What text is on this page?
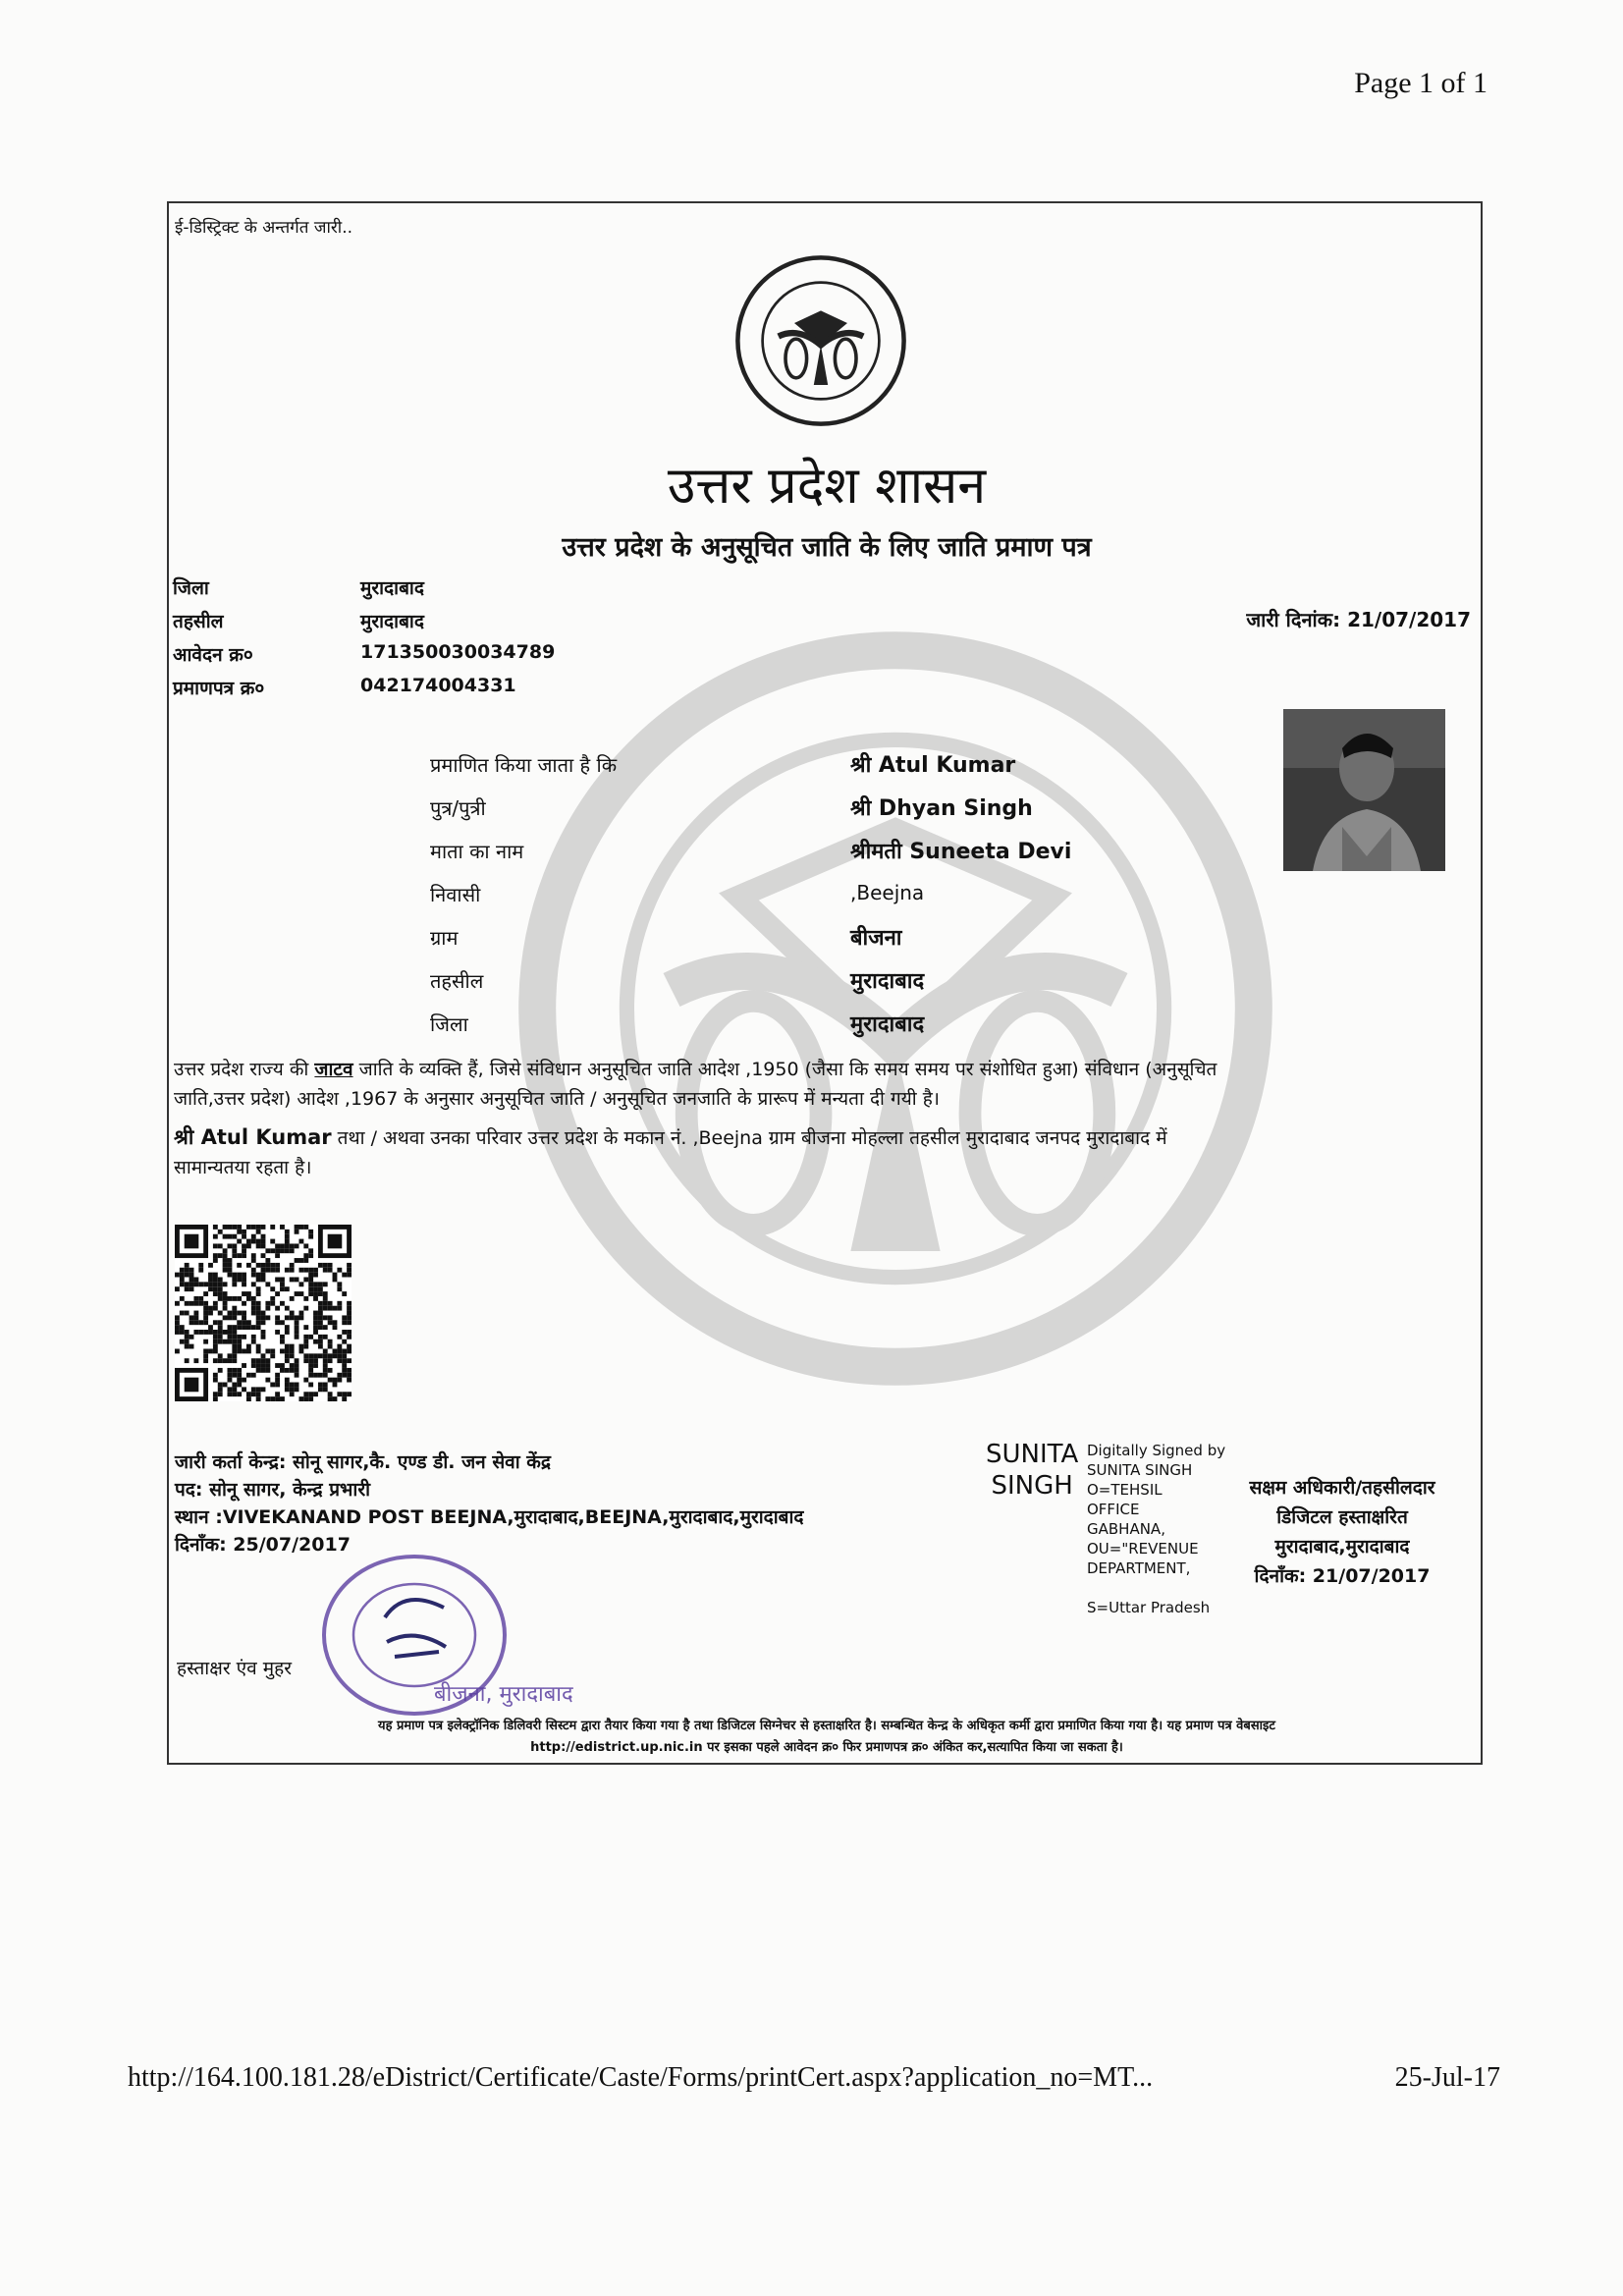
Page 1 of 1
ई-डिस्ट्रिक्ट के अन्तर्गत जारी..
उत्तर प्रदेश शासन
उत्तर प्रदेश के अनुसूचित जाति के लिए जाति प्रमाण पत्र
जिला	मुरादाबाद
तहसील	मुरादाबाद
आवेदन क्र०	171350030034789
प्रमाणपत्र क्र०	042174004331
जारी दिनांक: 21/07/2017
प्रमाणित किया जाता है कि	श्री Atul Kumar
पुत्र/पुत्री	श्री Dhyan Singh
माता का नाम	श्रीमती Suneeta Devi
निवासी	,Beejna
ग्राम	बीजना
तहसील	मुरादाबाद
जिला	मुरादाबाद
उत्तर प्रदेश राज्य की जाटव जाति के व्यक्ति हैं, जिसे संविधान अनुसूचित जाति आदेश ,1950 (जैसा कि समय समय पर संशोधित हुआ) संविधान (अनुसूचित
जाति,उत्तर प्रदेश) आदेश ,1967 के अनुसार अनुसूचित जाति / अनुसूचित जनजाति के प्रारूप में मन्यता दी गयी है।
श्री Atul Kumar तथा / अथवा उनका परिवार उत्तर प्रदेश के मकान नं. ,Beejna ग्राम बीजना मोहल्ला तहसील मुरादाबाद जनपद मुरादाबाद में
सामान्यतया रहता है।
जारी कर्ता केन्द्र: सोनू सागर,कै. एण्ड डी. जन सेवा केंद्र
पद: सोनू सागर, केन्द्र प्रभारी
स्थान :VIVEKANAND POST BEEJNA,मुरादाबाद,BEEJNA,मुरादाबाद,मुरादाबाद
दिनाँक: 25/07/2017
बीजना, मुरादाबाद
हस्ताक्षर एंव मुहर
SUNITA
SINGH
Digitally Signed by
SUNITA SINGH
O=TEHSIL
OFFICE
GABHANA,
OU="REVENUE
DEPARTMENT,
S=Uttar Pradesh
सक्षम अधिकारी/तहसीलदार
डिजिटल हस्ताक्षरित
मुरादाबाद,मुरादाबाद
दिनाँक: 21/07/2017
यह प्रमाण पत्र इलेक्ट्रॉनिक डिलिवरी सिस्टम द्वारा तैयार किया गया है तथा डिजिटल सिग्नेचर से हस्ताक्षरित है। सम्बन्धित केन्द्र के अधिकृत कर्मी द्वारा प्रमाणित किया गया है। यह प्रमाण पत्र वेबसाइट
http://edistrict.up.nic.in पर इसका पहले आवेदन क्र० फिर प्रमाणपत्र क्र० अंकित कर,सत्यापित किया जा सकता है।
http://164.100.181.28/eDistrict/Certificate/Caste/Forms/printCert.aspx?application_no=MT...	25-Jul-17
